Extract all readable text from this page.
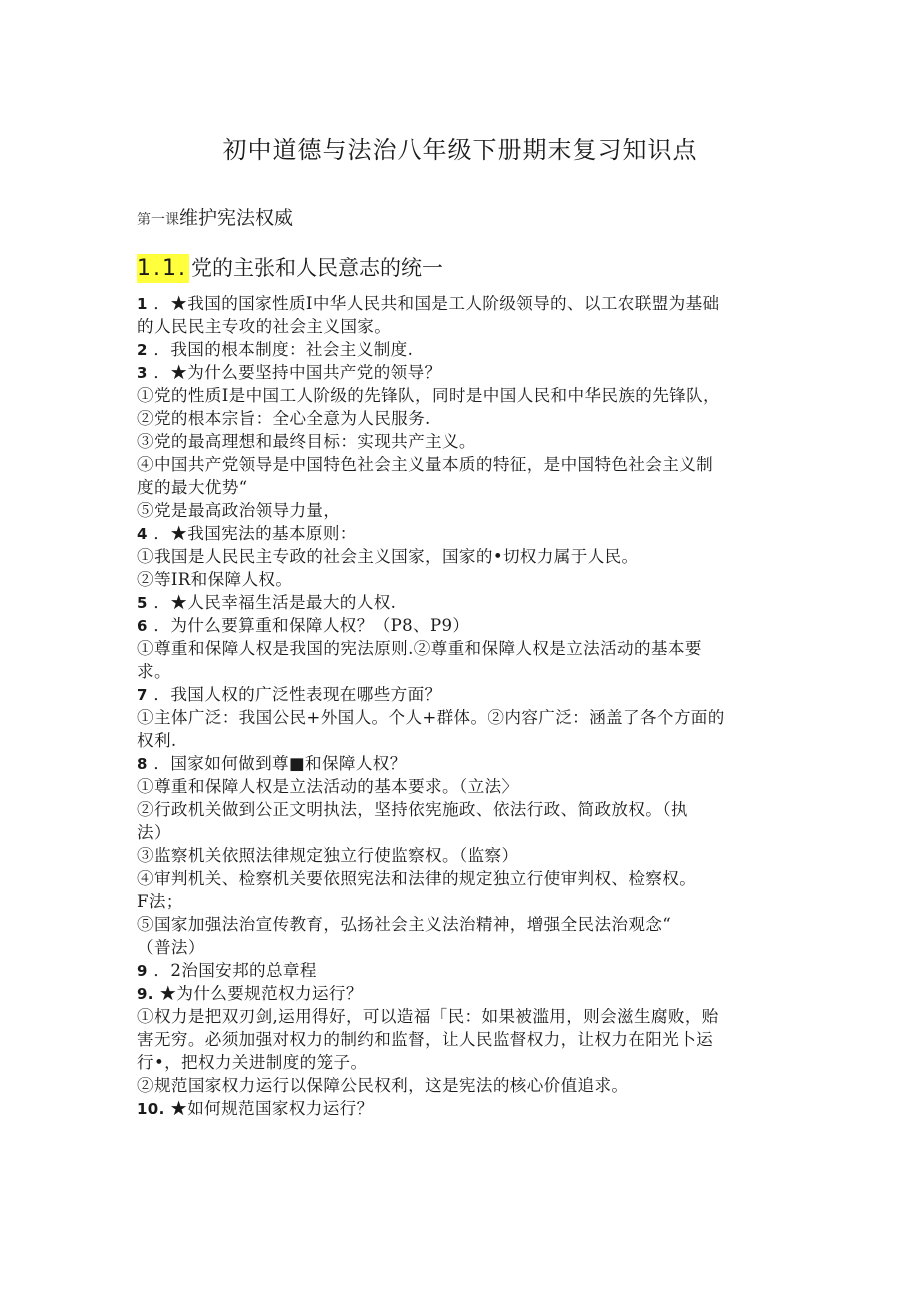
初中道德与法治八年级下册期末复习知识点
第一课维护宪法权威
1.1. 党的主张和人民意志的统一
1 ．★我国的国家性质I中华人民共和国是工人阶级领导的、以工农联盟为基础
的人民民主专攻的社会主义国家。
2 ．我国的根本制度：社会主义制度.
3 ．★为什么要坚持中国共产党的领导？
①党的性质I是中国工人阶级的先锋队，同时是中国人民和中华民族的先锋队，
②党的根本宗旨：全心全意为人民服务.
③党的最高理想和最终目标：实现共产主义。
④中国共产党领导是中国特色社会主义量本质的特征，是中国特色社会主义制
度的最大优势“
⑤党是最高政治领导力量，
4 ．★我国宪法的基本原则：
①我国是人民民主专政的社会主义国家，国家的•切权力属于人民。
②等IR和保障人权。
5 ．★人民幸福生活是最大的人权.
6 ．为什么要算重和保障人权？（P8、P9）
①尊重和保障人权是我国的宪法原则.②尊重和保障人权是立法活动的基本要
求。
7 ．我国人权的广泛性表现在哪些方面？
①主体广泛：我国公民+外国人。个人+群体。②内容广泛：涵盖了各个方面的
权利.
8 ．国家如何做到尊■和保障人权？
①尊重和保障人权是立法活动的基本要求。（立法〉
②行政机关做到公正文明执法，坚持依宪施政、依法行政、简政放权。（执
法）
③监察机关依照法律规定独立行使监察权。（监察）
④审判机关、检察机关要依照宪法和法律的规定独立行使审判权、检察权。
F法；
⑤国家加强法治宣传教育，弘扬社会主义法治精神，增强全民法治观念“
（普法）
9 ．2治国安邦的总章程
9. ★为什么要规范权力运行？
①权力是把双刃剑,运用得好，可以造福「民：如果被滥用，则会滋生腐败，贻
害无穷。必须加强对权力的制约和监督，让人民监督权力，让权力在阳光卜运
行•，把权力关进制度的笼子。
②规范国家权力运行以保障公民权利，这是宪法的核心价值追求。
10. ★如何规范国家权力运行？
